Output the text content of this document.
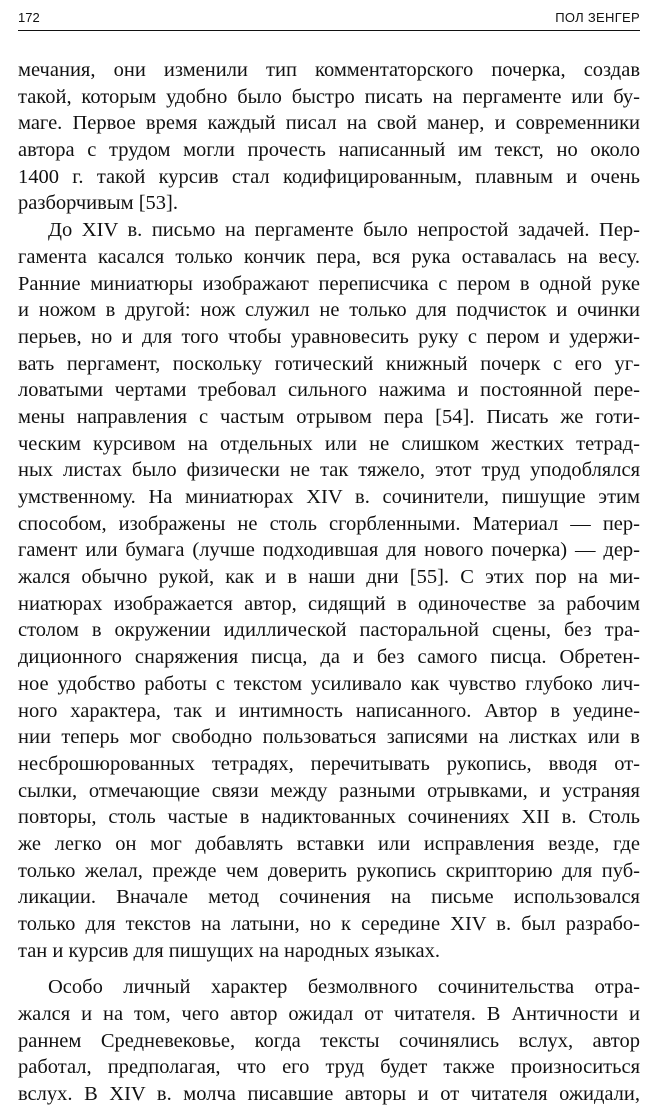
172	ПОЛ ЗЕНГЕР
мечания, они изменили тип комментаторского почерка, создав
такой, которым удобно было быстро писать на пергаменте или бу-
маге. Первое время каждый писал на свой манер, и современники
автора с трудом могли прочесть написанный им текст, но около
1400 г. такой курсив стал кодифицированным, плавным и очень
разборчивым [53].
До XIV в. письмо на пергаменте было непростой задачей. Пер-
гамента касался только кончик пера, вся рука оставалась на весу.
Ранние миниатюры изображают переписчика с пером в одной руке
и ножом в другой: нож служил не только для подчисток и очинки
перьев, но и для того чтобы уравновесить руку с пером и удержи-
вать пергамент, поскольку готический книжный почерк с его уг-
ловатыми чертами требовал сильного нажима и постоянной пере-
мены направления с частым отрывом пера [54]. Писать же готи-
ческим курсивом на отдельных или не слишком жестких тетрад-
ных листах было физически не так тяжело, этот труд уподоблялся
умственному. На миниатюрах XIV в. сочинители, пишущие этим
способом, изображены не столь сгорбленными. Материал — пер-
гамент или бумага (лучше подходившая для нового почерка) — дер-
жался обычно рукой, как и в наши дни [55]. С этих пор на ми-
ниатюрах изображается автор, сидящий в одиночестве за рабочим
столом в окружении идиллической пасторальной сцены, без тра-
диционного снаряжения писца, да и без самого писца. Обретен-
ное удобство работы с текстом усиливало как чувство глубоко лич-
ного характера, так и интимность написанного. Автор в уедине-
нии теперь мог свободно пользоваться записями на листках или в
несброшюрованных тетрадях, перечитывать рукопись, вводя от-
сылки, отмечающие связи между разными отрывками, и устраняя
повторы, столь частые в надиктованных сочинениях XII в. Столь
же легко он мог добавлять вставки или исправления везде, где
только желал, прежде чем доверить рукопись скрипторию для пуб-
ликации. Вначале метод сочинения на письме использовался
только для текстов на латыни, но к середине XIV в. был разрабо-
тан и курсив для пишущих на народных языках.
Особо личный характер безмолвного сочинительства отра-
жался и на том, чего автор ожидал от читателя. В Античности и
раннем Средневековье, когда тексты сочинялись вслух, автор
работал, предполагая, что его труд будет также произноситься
вслух. В XIV в. молча писавшие авторы и от читателя ожидали,
